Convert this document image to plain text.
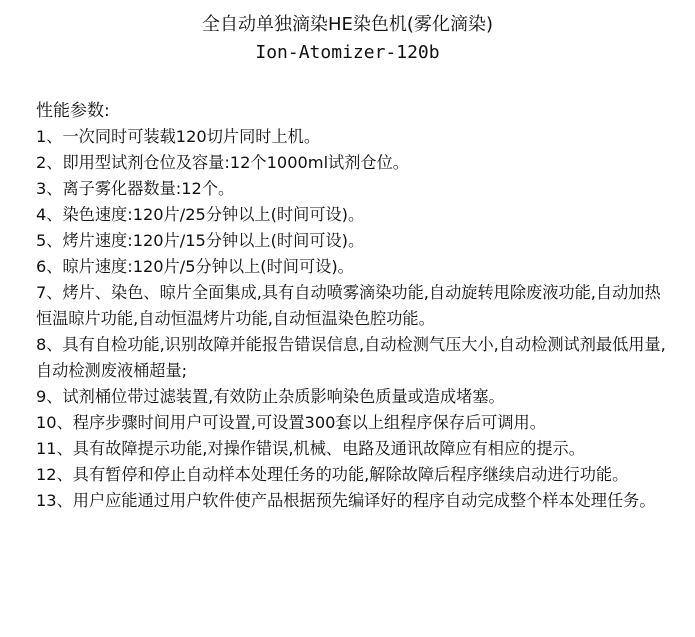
全自动单独滴染HE染色机(雾化滴染)
Ion-Atomizer-120b
性能参数:
1、一次同时可装载120切片同时上机。
2、即用型试剂仓位及容量:12个1000ml试剂仓位。
3、离子雾化器数量:12个。
4、染色速度:120片/25分钟以上(时间可设)。
5、烤片速度:120片/15分钟以上(时间可设)。
6、晾片速度:120片/5分钟以上(时间可设)。
7、烤片、染色、晾片全面集成,具有自动喷雾滴染功能,自动旋转甩除废液功能,自动加热恒温晾片功能,自动恒温烤片功能,自动恒温染色腔功能。
8、具有自检功能,识别故障并能报告错误信息,自动检测气压大小,自动检测试剂最低用量,自动检测废液桶超量;
9、试剂桶位带过滤装置,有效防止杂质影响染色质量或造成堵塞。
10、程序步骤时间用户可设置,可设置300套以上组程序保存后可调用。
11、具有故障提示功能,对操作错误,机械、电路及通讯故障应有相应的提示。
12、具有暂停和停止自动样本处理任务的功能,解除故障后程序继续启动进行功能。
13、用户应能通过用户软件使产品根据预先编译好的程序自动完成整个样本处理任务。
